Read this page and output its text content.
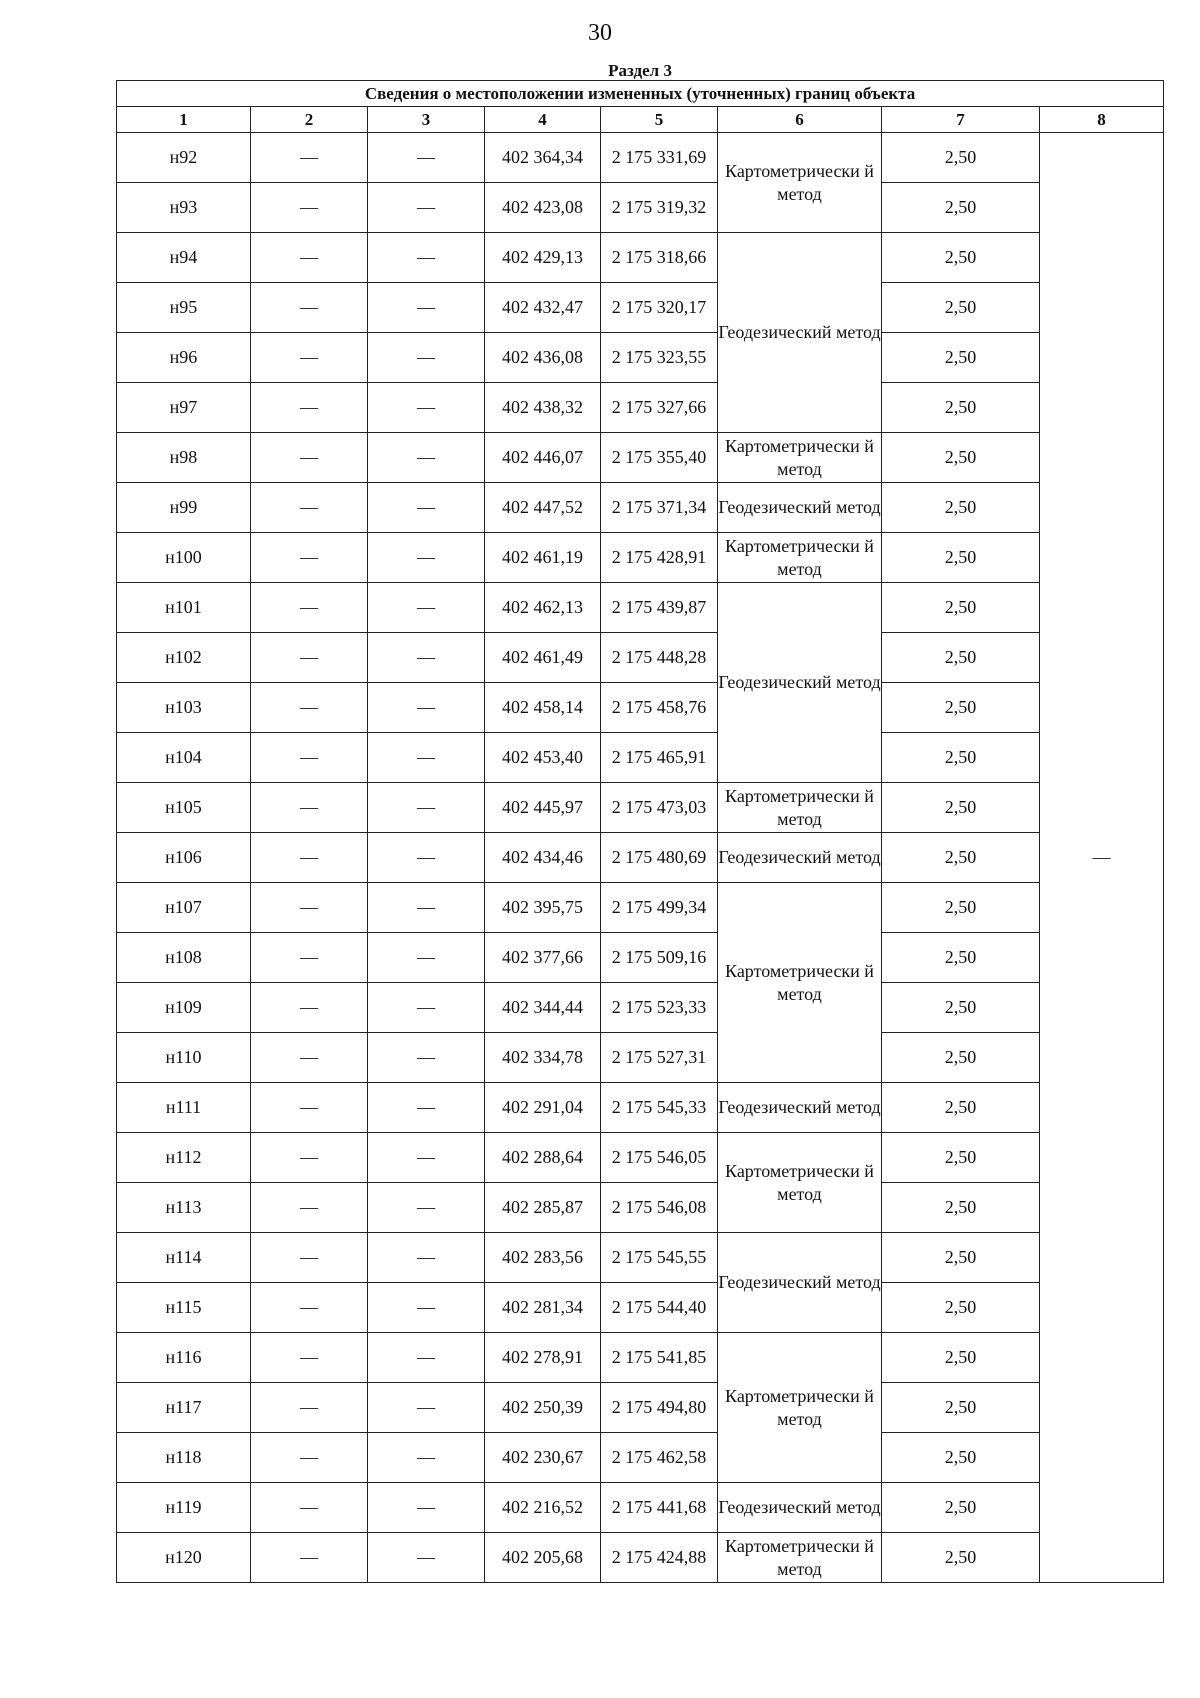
30
Раздел 3							
Сведения о местоположении измененных (уточненных) границ объекта							
1	2	3	4	5	6	7	8
н92	—	—	402 364,34	2 175 331,69	Картометрически й метод	2,50	—
н93	—	—	402 423,08	2 175 319,32		2,50	
н94	—	—	402 429,13	2 175 318,66	Геодезический метод	2,50	
н95	—	—	402 432,47	2 175 320,17		2,50	
н96	—	—	402 436,08	2 175 323,55		2,50	
н97	—	—	402 438,32	2 175 327,66		2,50	
н98	—	—	402 446,07	2 175 355,40	Картометрически й метод	2,50	
н99	—	—	402 447,52	2 175 371,34	Геодезический метод	2,50	
н100	—	—	402 461,19	2 175 428,91	Картометрически й метод	2,50	
н101	—	—	402 462,13	2 175 439,87	Геодезический метод	2,50	
н102	—	—	402 461,49	2 175 448,28		2,50	
н103	—	—	402 458,14	2 175 458,76		2,50	
н104	—	—	402 453,40	2 175 465,91		2,50	
н105	—	—	402 445,97	2 175 473,03	Картометрически й метод	2,50	
н106	—	—	402 434,46	2 175 480,69	Геодезический метод	2,50	
н107	—	—	402 395,75	2 175 499,34	Картометрически й метод	2,50	
н108	—	—	402 377,66	2 175 509,16		2,50	
н109	—	—	402 344,44	2 175 523,33		2,50	
н110	—	—	402 334,78	2 175 527,31		2,50	
н111	—	—	402 291,04	2 175 545,33	Геодезический метод	2,50	
н112	—	—	402 288,64	2 175 546,05	Картометрически й метод	2,50	
н113	—	—	402 285,87	2 175 546,08		2,50	
н114	—	—	402 283,56	2 175 545,55	Геодезический метод	2,50	
н115	—	—	402 281,34	2 175 544,40		2,50	
н116	—	—	402 278,91	2 175 541,85	Картометрически й метод	2,50	
н117	—	—	402 250,39	2 175 494,80		2,50	
н118	—	—	402 230,67	2 175 462,58		2,50	
н119	—	—	402 216,52	2 175 441,68	Геодезический метод	2,50	
н120	—	—	402 205,68	2 175 424,88	Картометрически й метод	2,50	
